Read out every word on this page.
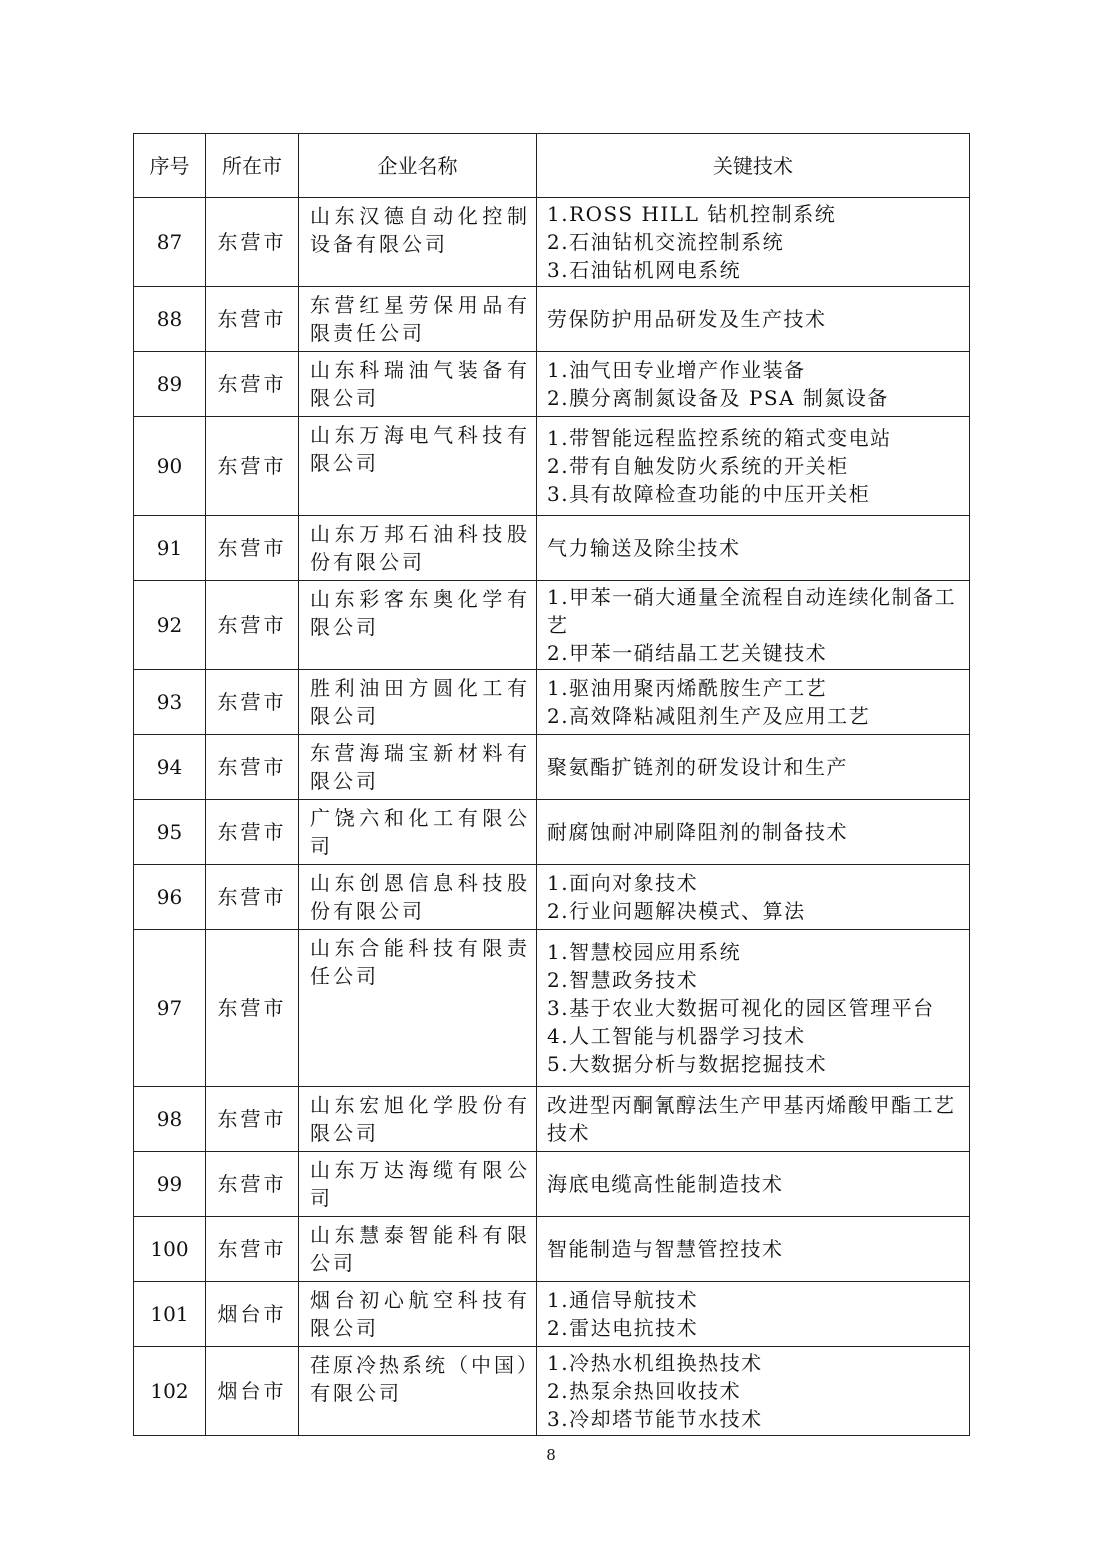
序号	所在市	企业名称	关键技术
87	东营市	山东汉德自动化控制设备有限公司	1.ROSS HILL 钻机控制系统
2.石油钻机交流控制系统
3.石油钻机网电系统

88	东营市	东营红星劳保用品有限责任公司	劳保防护用品研发及生产技术

89	东营市	山东科瑞油气装备有限公司	1.油气田专业增产作业装备
2.膜分离制氮设备及 PSA 制氮设备

90	东营市	山东万海电气科技有限公司	1.带智能远程监控系统的箱式变电站
2.带有自触发防火系统的开关柜
3.具有故障检查功能的中压开关柜

91	东营市	山东万邦石油科技股份有限公司	气力输送及除尘技术

92	东营市	山东彩客东奥化学有限公司	1.甲苯一硝大通量全流程自动连续化制备工艺
2.甲苯一硝结晶工艺关键技术

93	东营市	胜利油田方圆化工有限公司	1.驱油用聚丙烯酰胺生产工艺
2.高效降粘减阻剂生产及应用工艺

94	东营市	东营海瑞宝新材料有限公司	聚氨酯扩链剂的研发设计和生产

95	东营市	广饶六和化工有限公司	耐腐蚀耐冲刷降阻剂的制备技术

96	东营市	山东创恩信息科技股份有限公司	1.面向对象技术
2.行业问题解决模式、算法

97	东营市	山东合能科技有限责任公司	1.智慧校园应用系统
2.智慧政务技术
3.基于农业大数据可视化的园区管理平台
4.人工智能与机器学习技术
5.大数据分析与数据挖掘技术

98	东营市	山东宏旭化学股份有限公司	改进型丙酮氰醇法生产甲基丙烯酸甲酯工艺技术

99	东营市	山东万达海缆有限公司	海底电缆高性能制造技术

100	东营市	山东慧泰智能科有限公司	智能制造与智慧管控技术

101	烟台市	烟台初心航空科技有限公司	1.通信导航技术
2.雷达电抗技术

102	烟台市	荏原冷热系统（中国）有限公司	1.冷热水机组换热技术
2.热泵余热回收技术
3.冷却塔节能节水技术
8
